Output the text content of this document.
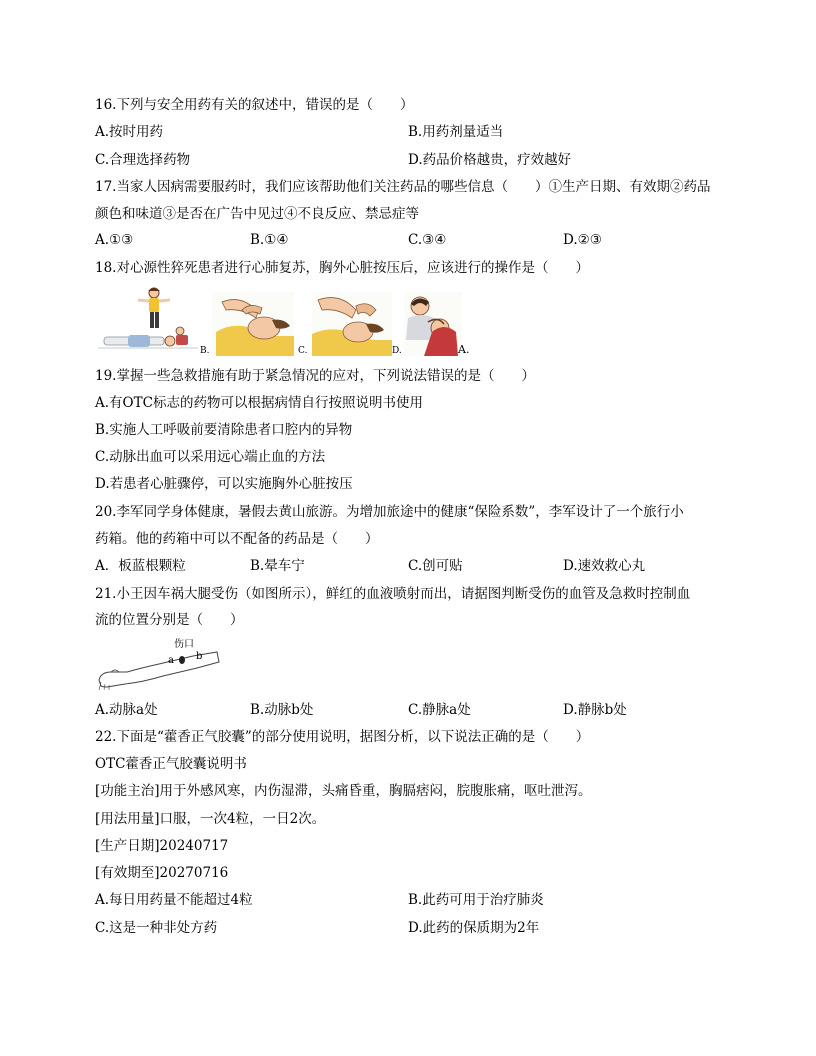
16.下列与安全用药有关的叙述中，错误的是（　　）
A.按时用药	B.用药剂量适当
C.合理选择药物	D.药品价格越贵，疗效越好
17.当家人因病需要服药时，我们应该帮助他们关注药品的哪些信息（　　）①生产日期、有效期②药品
颜色和味道③是否在广告中见过④不良反应、禁忌症等
A.①③	B.①④	C.③④	D.②③
18.对心源性猝死患者进行心肺复苏，胸外心脏按压后，应该进行的操作是（　　）
B.	C.	D.	A.
19.掌握一些急救措施有助于紧急情况的应对，下列说法错误的是（　　）
A.有OTC标志的药物可以根据病情自行按照说明书使用
B.实施人工呼吸前要清除患者口腔内的异物
C.动脉出血可以采用远心端止血的方法
D.若患者心脏骤停，可以实施胸外心脏按压
20.李军同学身体健康，暑假去黄山旅游。为增加旅途中的健康“保险系数”，李军设计了一个旅行小
药箱。他的药箱中可以不配备的药品是（　　）
A．板蓝根颗粒	B.晕车宁	C.创可贴	D.速效救心丸
21.小王因车祸大腿受伤（如图所示），鲜红的血液喷射而出，请据图判断受伤的血管及急救时控制血
流的位置分别是（　　）
伤口
a b
A.动脉a处	B.动脉b处	C.静脉a处	D.静脉b处
22.下面是“藿香正气胶囊”的部分使用说明，据图分析，以下说法正确的是（　　）
OTC藿香正气胶囊说明书
[功能主治]用于外感风寒，内伤湿滞，头痛昏重，胸膈痞闷，脘腹胀痛，呕吐泄泻。
[用法用量]口服，一次4粒，一日2次。
[生产日期]20240717
[有效期至]20270716
A.每日用药量不能超过4粒	B.此药可用于治疗肺炎
C.这是一种非处方药	D.此药的保质期为2年
